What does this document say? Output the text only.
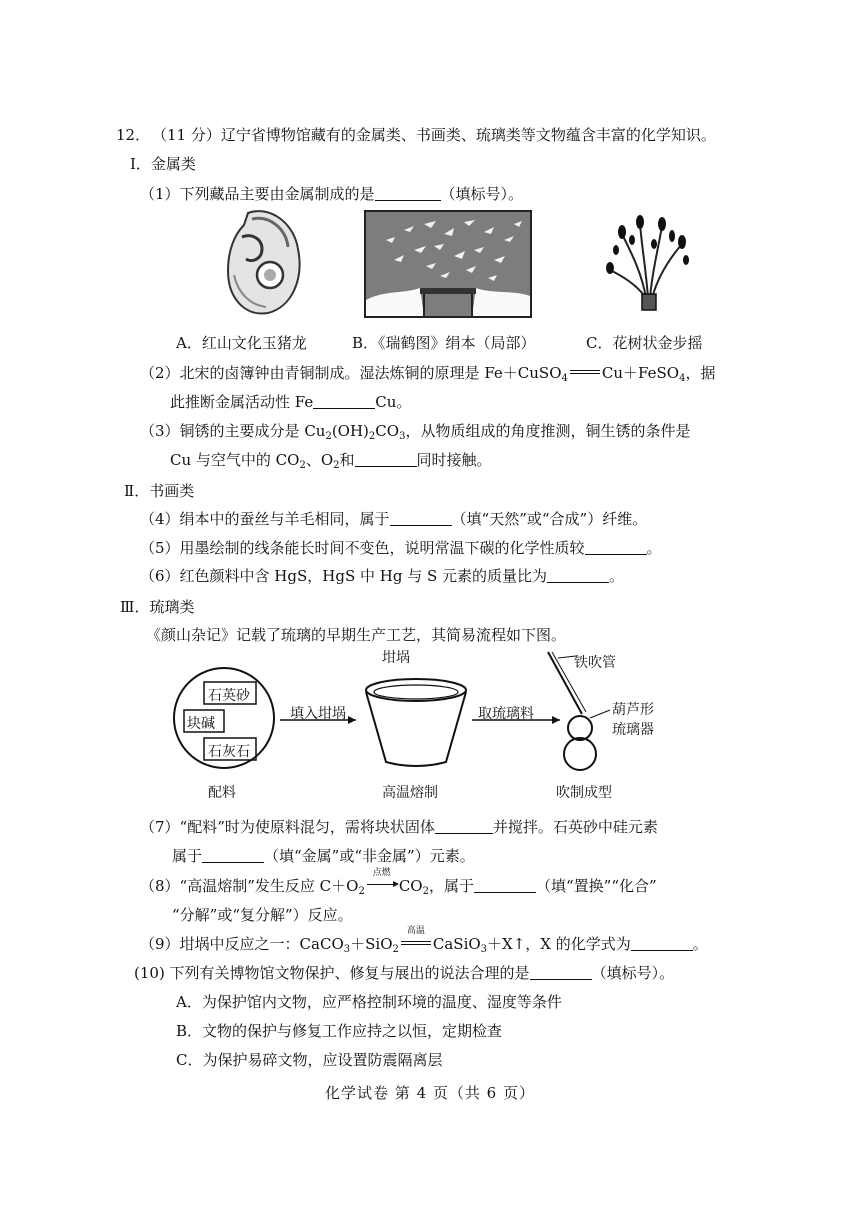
12． （11 分）辽宁省博物馆藏有的金属类、书画类、琉璃类等文物蕴含丰富的化学知识。
Ⅰ．金属类
（1）下列藏品主要由金属制成的是	（填标号）。
A．红山文化玉猪龙	B．《瑞鹤图》绢本（局部）	C．花树状金步摇
（2）北宋的卤簿钟由青铜制成。湿法炼铜的原理是 Fe＋CuSO$_4$ Cu＋FeSO$_4$，据
此推断金属活动性 Fe	Cu。
（3）铜锈的主要成分是 $Cu_2(OH)_2CO_3$，从物质组成的角度推测，铜生锈的条件是
Cu 与空气中的 $CO_2$、$O_2$和	同时接触。
Ⅱ．书画类
（4）绢本中的蚕丝与羊毛相同，属于	（填“天然”或“合成”）纤维。
（5）用墨绘制的线条能长时间不变色，说明常温下碳的化学性质较	。
（6）红色颜料中含 HgS，HgS 中 Hg 与 S 元素的质量比为	。
Ⅲ．琉璃类
《颜山杂记》记载了琉璃的早期生产工艺，其简易流程如下图。
石英砂
块碱
石灰石
配料
填入坩埚
坩埚
高温熔制
取琉璃料
铁吹管
葫芦形
琉璃器
吹制成型
（7）“配料”时为使原料混匀，需将块状固体	并搅拌。石英砂中硅元素
属于	（填“金属”或“非金属”）元素。
（8）“高温熔制”发生反应 $C+O_2$
点燃
$CO_2$，属于	（填“置换”“化合”
“分解”或“复分解”）反应。
（9）坩埚中反应之一：CaCO$_3$＋SiO$_2$
高温
CaSiO$_3$＋X↑，X 的化学式为	。
(10) 下列有关博物馆文物保护、修复与展出的说法合理的是	（填标号）。
A．为保护馆内文物，应严格控制环境的温度、湿度等条件
B．文物的保护与修复工作应持之以恒，定期检查
C．为保护易碎文物，应设置防震隔离层
化学试卷 第 4 页（共 6 页）
